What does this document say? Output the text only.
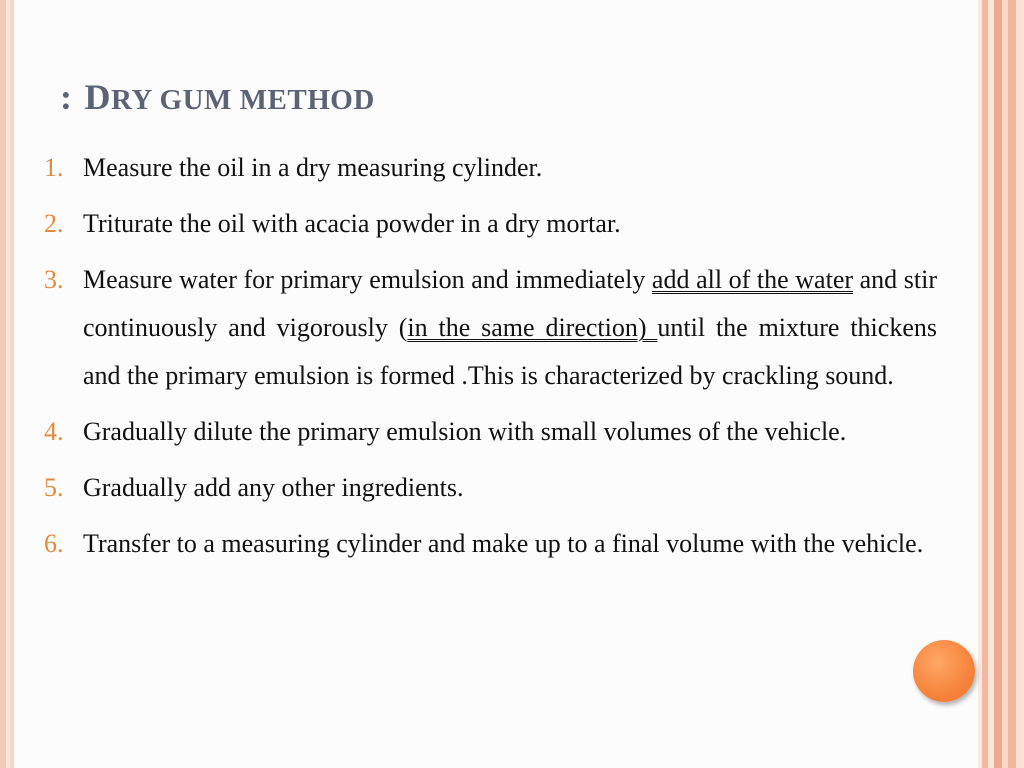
: DRY GUM METHOD
1. Measure the oil in a dry measuring cylinder.
2. Triturate the oil with acacia powder in a dry mortar.
3. Measure water for primary emulsion and immediately add all of the water and stir continuously and vigorously (in the same direction) until the mixture thickens and the primary emulsion is formed .This is characterized by crackling sound.
4. Gradually dilute the primary emulsion with small volumes of the vehicle.
5. Gradually add any other ingredients.
6. Transfer to a measuring cylinder and make up to a final volume with the vehicle.
